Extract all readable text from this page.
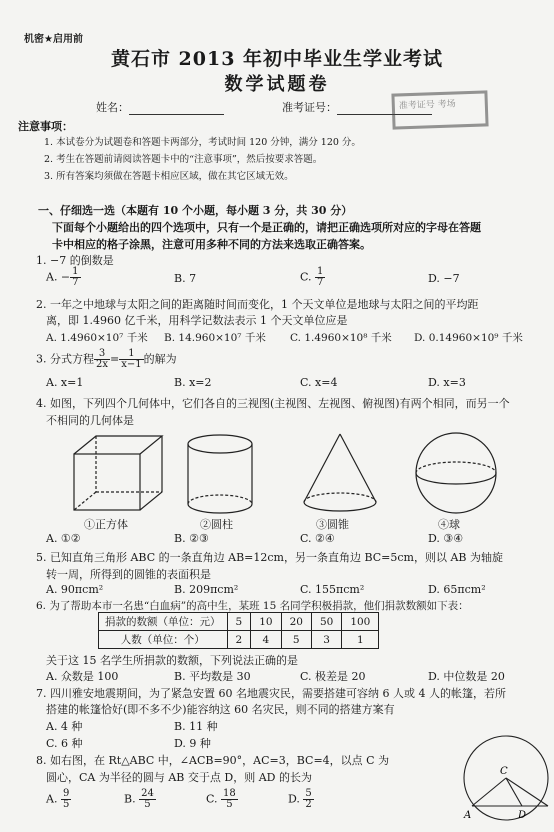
机密★启用前
黄石市 2013 年初中毕业生学业考试
数学试题卷
姓名：	准考证号：	准考证号 考场
注意事项：
1. 本试卷分为试题卷和答题卡两部分，考试时间 120 分钟，满分 120 分。
2. 考生在答题前请阅读答题卡中的“注意事项”，然后按要求答题。
3. 所有答案均须做在答题卡相应区域，做在其它区域无效。
一、仔细选一选（本题有 10 个小题，每小题 3 分，共 30 分）
下面每个小题给出的四个选项中，只有一个是正确的，请把正确选项所对应的字母在答题
卡中相应的格子涂黑，注意可用多种不同的方法来选取正确答案。
1. −7 的倒数是
A. − $\frac{1}{7}$	B. 7	C. $\frac{1}{7}$	D. −7
2. 一年之中地球与太阳之间的距离随时间而变化，1 个天文单位是地球与太阳之间的平均距
离，即 1.4960 亿千米，用科学记数法表示 1 个天文单位应是
A. 1.4960×10⁷ 千米 B. 14.960×10⁷ 千米 C. 1.4960×10⁸ 千米 D. 0.14960×10⁹ 千米
3. 分式方程 $\frac{3}{2x} = \frac{1}{x-1}$ 的解为
A. x=1	B. x=2	C. x=4	D. x=3
4. 如图，下列四个几何体中，它们各自的三视图(主视图、左视图、俯视图)有两个相同，而另一个
不相同的几何体是
①正方体	②圆柱	③圆锥	④球
A. ①②	B. ②③	C. ②④	D. ③④
5. 已知直角三角形 ABC 的一条直角边 AB=12cm，另一条直角边 BC=5cm，则以 AB 为轴旋
转一周，所得到的圆锥的表面积是
A. 90πcm²	B. 209πcm²	C. 155πcm²	D. 65πcm²
6. 为了帮助本市一名患“白血病”的高中生，某班 15 名同学积极捐款，他们捐款数额如下表：
捐款的数额（单位：元）	5	10	20	50	100
人数（单位：个）	2	4	5	3	1
关于这 15 名学生所捐款的数额，下列说法正确的是
A. 众数是 100	B. 平均数是 30	C. 极差是 20	D. 中位数是 20
7. 四川雅安地震期间，为了紧急安置 60 名地震灾民，需要搭建可容纳 6 人或 4 人的帐篷，若所
搭建的帐篷恰好(即不多不少)能容纳这 60 名灾民，则不同的搭建方案有
A. 4 种	B. 11 种
C. 6 种	D. 9 种
8. 如右图，在 Rt△ABC 中，∠ACB=90°，AC=3，BC=4，以点 C 为
圆心，CA 为半径的圆与 AB 交于点 D，则 AD 的长为
A. $\frac{9}{5}$	B. $\frac{24}{5}$	C. $\frac{18}{5}$	D. $\frac{5}{2}$
A	D
C
